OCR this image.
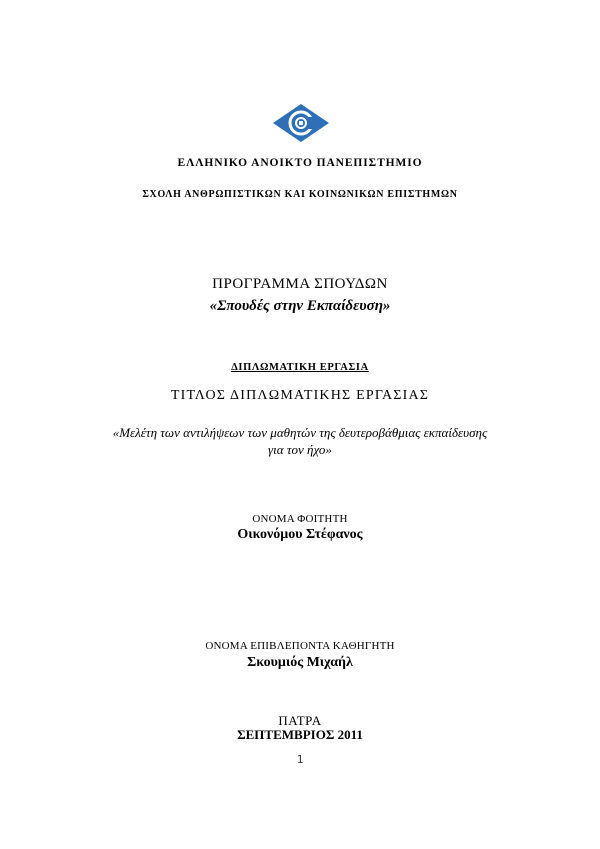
ΕΛΛΗΝΙΚΟ ΑΝΟΙΚΤΟ ΠΑΝΕΠΙΣΤΗΜΙΟ
ΣΧΟΛΗ ΑΝΘΡΩΠΙΣΤΙΚΩΝ ΚΑΙ ΚΟΙΝΩΝΙΚΩΝ ΕΠΙΣΤΗΜΩΝ
ΠΡΟΓΡΑΜΜΑ ΣΠΟΥΔΩΝ
«Σπουδές στην Εκπαίδευση»
ΔΙΠΛΩΜΑΤΙΚΗ ΕΡΓΑΣΙΑ
ΤΙΤΛΟΣ ΔΙΠΛΩΜΑΤΙΚΗΣ ΕΡΓΑΣΙΑΣ
«Μελέτη των αντιλήψεων των μαθητών της δευτεροβάθμιας εκπαίδευσης
για τον ήχο»
ΟΝΟΜΑ ΦΟΙΤΗΤΗ
Οικονόμου Στέφανος
ΟΝΟΜΑ ΕΠΙΒΛΕΠΟΝΤΑ ΚΑΘΗΓΗΤΗ
Σκουμιός Μιχαήλ
ΠΑΤΡΑ
ΣΕΠΤΕΜΒΡΙΟΣ 2011
1
